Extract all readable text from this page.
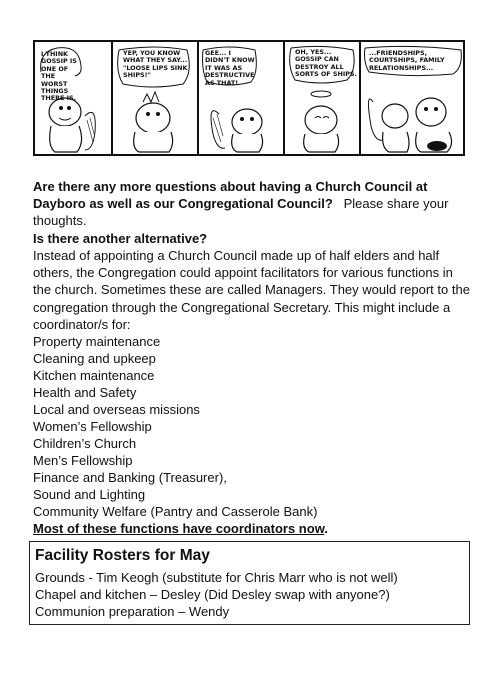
I THINK GOSSIP IS ONE OF THE WORST THINGS THERE IS.
YEP, YOU KNOW WHAT THEY SAY... "LOOSE LIPS SINK SHIPS!"
GEE... I DIDN'T KNOW IT WAS AS DESTRUCTIVE AS THAT!
OH, YES... GOSSIP CAN DESTROY ALL SORTS OF SHIPS.
...FRIENDSHIPS, COURTSHIPS, FAMILY RELATIONSHIPS...
Are there any more questions about having a Church Council at Dayboro as well as our Congregational Council? Please share your thoughts.
Is there another alternative?
Instead of appointing a Church Council made up of half elders and half others, the Congregation could appoint facilitators for various functions in the church. Sometimes these are called Managers. They would report to the congregation through the Congregational Secretary. This might include a coordinator/s for:
Property maintenance
Cleaning and upkeep
Kitchen maintenance
Health and Safety
Local and overseas missions
Women’s Fellowship
Children’s Church
Men’s Fellowship
Finance and Banking (Treasurer),
Sound and Lighting
Community Welfare (Pantry and Casserole Bank)
Most of these functions have coordinators now.
Facility Rosters for May
Grounds - Tim Keogh (substitute for Chris Marr who is not well)
Chapel and kitchen – Desley (Did Desley swap with anyone?)
Communion preparation – Wendy
